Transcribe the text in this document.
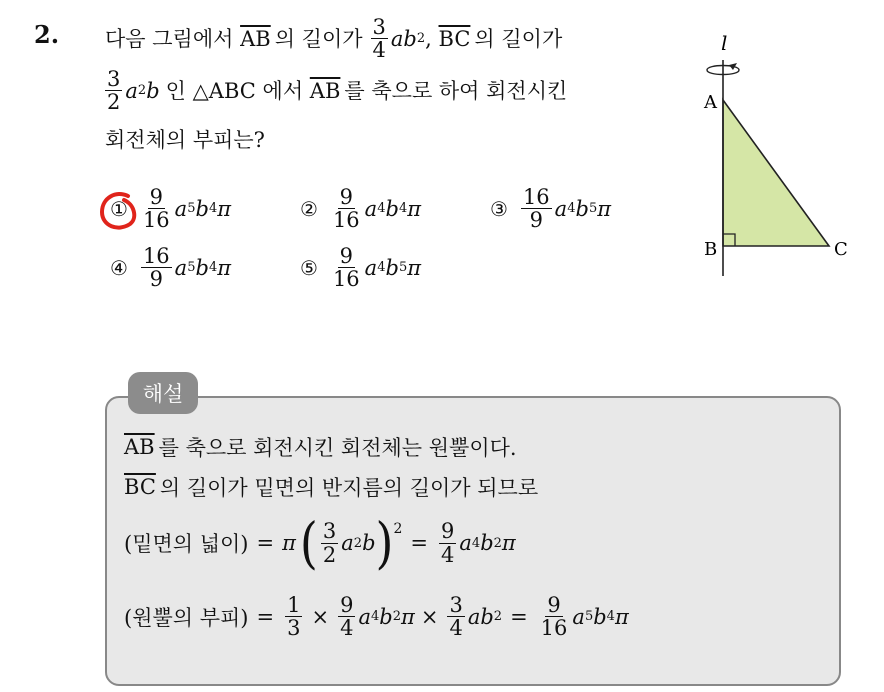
2. 다음 그림에서
$\overline{AB}$ 의 길이가 $\frac{3}{4}$ ab 2 , $\overline{BC}$ 의 길이가
$\frac{3}{2}$ a 2 b 인
△ABC
에서
$\overline{AB}$ 를 축으로 하여 회전시킨
회전체의 부피는?
① $\frac{9}{16}$ a 5 b 4 π	② $\frac{9}{16}$ a 4 b 4 π	③ $\frac{16}{9}$ a 4 b 5 π
④ $\frac{16}{9}$ a 5 b 4 π	⑤ $\frac{9}{16}$ a 4 b 5 π
l
A
B	C
해설
$\overline{AB}$ 를 축으로 회전시킨 회전체는 원뿔이다.
$\overline{BC}$ 의 길이가 밑면의 반지름의 길이가 되므로
(밑면의 넓이) = π ( $\frac{3}{2}$ a 2 b )$^2$
= $\frac{9}{4}$ a 4 b 2 π
(원뿔의 부피) = $\frac{1}{3} \times \frac{9}{4}$ a 4 b 2 $\pi \times \frac{3}{4}$ ab $2 = \frac{9}{16}$ a 5 b 4 π
